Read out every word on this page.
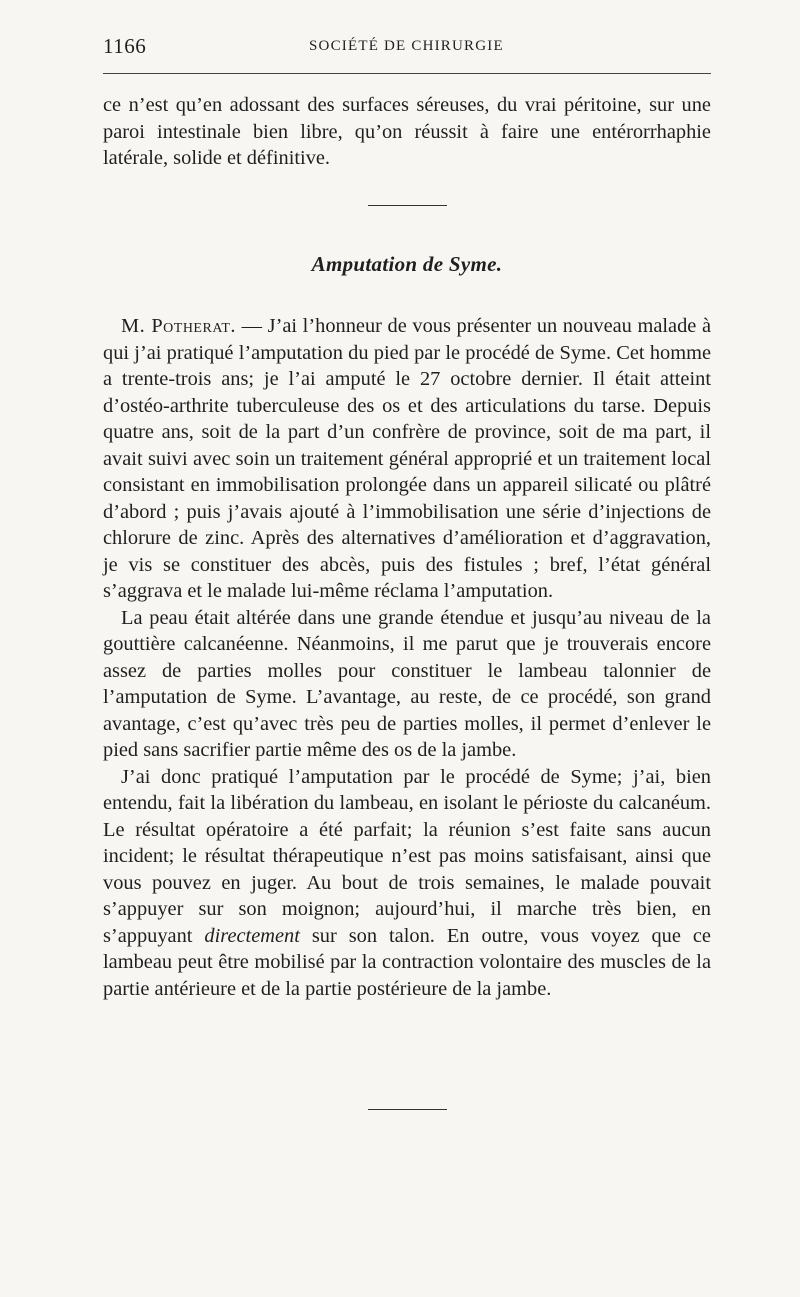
1166	SOCIÉTÉ DE CHIRURGIE

ce n’est qu’en adossant des surfaces séreuses, du vrai péritoine, sur une paroi intestinale bien libre, qu’on réussit à faire une entérorrhaphie latérale, solide et définitive.

Amputation de Syme.

M. Potherat. — J’ai l’honneur de vous présenter un nouveau malade à qui j’ai pratiqué l’amputation du pied par le procédé de Syme. Cet homme a trente-trois ans; je l’ai amputé le 27 octobre dernier. Il était atteint d’ostéo-arthrite tuberculeuse des os et des articulations du tarse. Depuis quatre ans, soit de la part d’un confrère de province, soit de ma part, il avait suivi avec soin un traitement général approprié et un traitement local consistant en immobilisation prolongée dans un appareil silicaté ou plâtré d’abord ; puis j’avais ajouté à l’immobilisation une série d’injections de chlorure de zinc. Après des alternatives d’amélioration et d’aggravation, je vis se constituer des abcès, puis des fistules ; bref, l’état général s’aggrava et le malade lui-même réclama l’amputation.

La peau était altérée dans une grande étendue et jusqu’au niveau de la gouttière calcanéenne. Néanmoins, il me parut que je trouverais encore assez de parties molles pour constituer le lambeau talonnier de l’amputation de Syme. L’avantage, au reste, de ce procédé, son grand avantage, c’est qu’avec très peu de parties molles, il permet d’enlever le pied sans sacrifier partie même des os de la jambe.

J’ai donc pratiqué l’amputation par le procédé de Syme; j’ai, bien entendu, fait la libération du lambeau, en isolant le périoste du calcanéum. Le résultat opératoire a été parfait; la réunion s’est faite sans aucun incident; le résultat thérapeutique n’est pas moins satisfaisant, ainsi que vous pouvez en juger. Au bout de trois semaines, le malade pouvait s’appuyer sur son moignon; aujourd’hui, il marche très bien, en s’appuyant directement sur son talon. En outre, vous voyez que ce lambeau peut être mobilisé par la contraction volontaire des muscles de la partie antérieure et de la partie postérieure de la jambe.
